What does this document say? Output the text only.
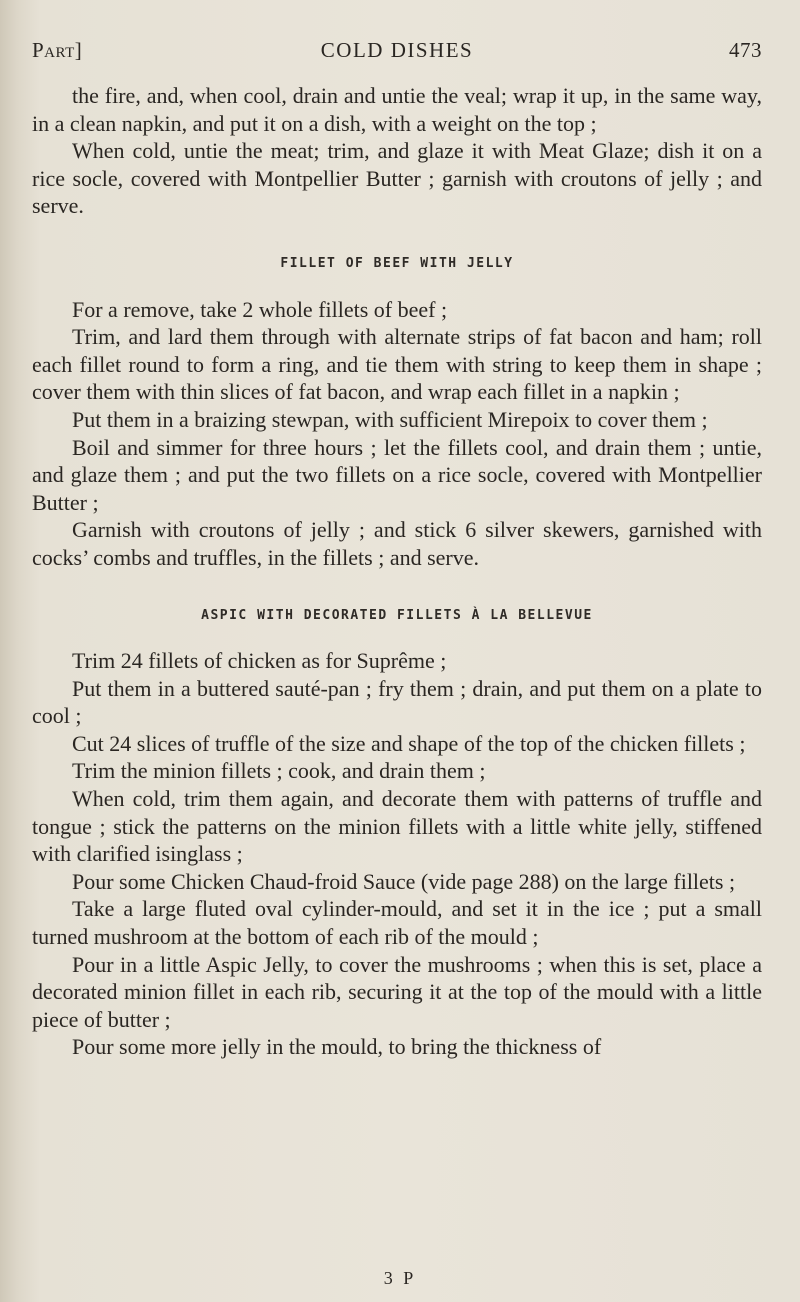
Part]	COLD DISHES	473

the fire, and, when cool, drain and untie the veal; wrap it up, in the same way, in a clean napkin, and put it on a dish, with a weight on the top ;

When cold, untie the meat; trim, and glaze it with Meat Glaze; dish it on a rice socle, covered with Montpellier Butter ; garnish with croutons of jelly ; and serve.

FILLET OF BEEF WITH JELLY

For a remove, take 2 whole fillets of beef ;

Trim, and lard them through with alternate strips of fat bacon and ham; roll each fillet round to form a ring, and tie them with string to keep them in shape ; cover them with thin slices of fat bacon, and wrap each fillet in a napkin ;

Put them in a braizing stewpan, with sufficient Mirepoix to cover them ;

Boil and simmer for three hours ; let the fillets cool, and drain them ; untie, and glaze them ; and put the two fillets on a rice socle, covered with Montpellier Butter ;

Garnish with croutons of jelly ; and stick 6 silver skewers, garnished with cocks’ combs and truffles, in the fillets ; and serve.

ASPIC WITH DECORATED FILLETS À LA BELLEVUE

Trim 24 fillets of chicken as for Suprême ;

Put them in a buttered sauté-pan ; fry them ; drain, and put them on a plate to cool ;

Cut 24 slices of truffle of the size and shape of the top of the chicken fillets ;

Trim the minion fillets ; cook, and drain them ;

When cold, trim them again, and decorate them with patterns of truffle and tongue ; stick the patterns on the minion fillets with a little white jelly, stiffened with clarified isinglass ;

Pour some Chicken Chaud-froid Sauce (vide page 288) on the large fillets ;

Take a large fluted oval cylinder-mould, and set it in the ice ; put a small turned mushroom at the bottom of each rib of the mould ;

Pour in a little Aspic Jelly, to cover the mushrooms ; when this is set, place a decorated minion fillet in each rib, securing it at the top of the mould with a little piece of butter ;

Pour some more jelly in the mould, to bring the thickness of

3 P
